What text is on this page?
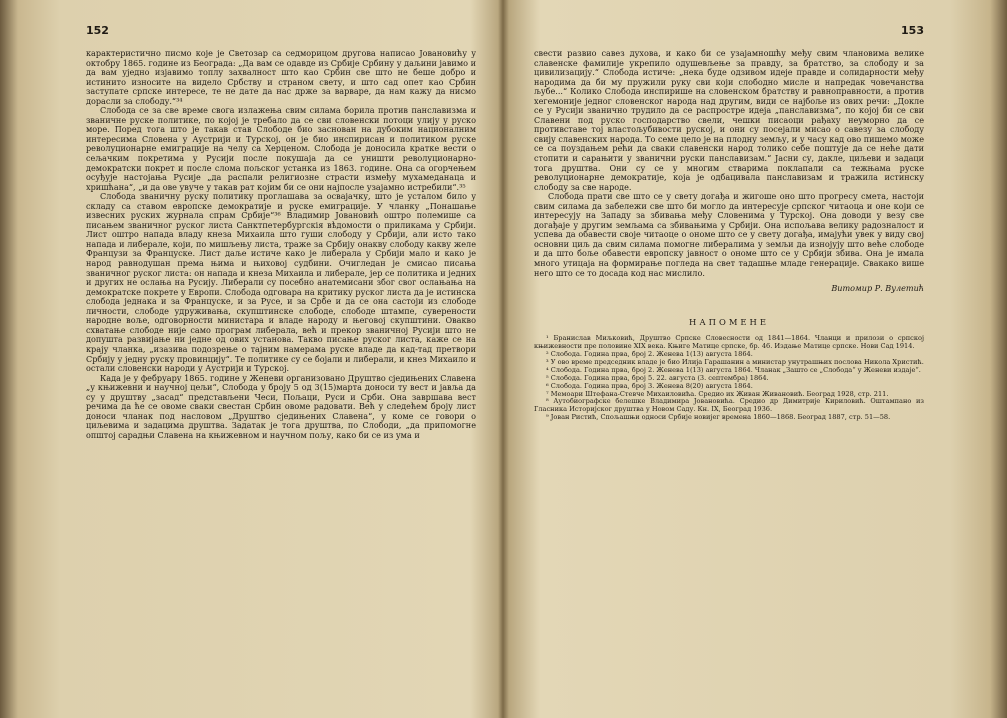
152

карактеристично писмо које је Светозар са седморицом другова написао Јовановићу у октобру 1865. године из Београда: „Да вам се одавде из Србије Србину у даљини јавимо и да вам уједно изјавимо топлу захвалност што као Србин све што не беше добро и истинито износите на видело Србству и страном свету, и што сад опет као Србин заступате српске интересе, те не дате да нас држе за варваре, да нам кажу да нисмо дорасли за слободу.“³⁴

Слобода се за све време свога излажења свим силама борила против панславизма и званичне руске политике, по којој је требало да се сви словенски потоци улију у руско море. Поред тога што је такав став Слободе био заснован на дубоким националним интересима Словена у Аустрији и Турској, он је био инспирисан и политиком руске револуционарне емиграције на челу са Херценом. Слобода је доносила кратке вести о сељачким покретима у Русији после покушаја да се уништи револуционарно-демократски покрет и после слома пољског устанка из 1863. године. Она са огорчењем осуђује настојања Русије „да распали религиозне страсти између мухамеданаца и хришћана“, „и да ове увуче у такав рат којим би се они најпосле узајамно истребили“.³⁵

Слобода званичну руску политику проглашава за освајачку, што је усталом било у складу са ставом европске демократије и руске емиграције. У чланку „Понашање извесних руских журнала спрам Србије“³⁶ Владимир Јовановић оштро полемише са писањем званичног руског листа Санктпетербургскія вѣдомости о приликама у Србији. Лист оштро напада владу кнеза Михаила што гуши слободу у Србији, али исто тако напада и либерале, који, по мишљењу листа, траже за Србију онакву слободу какву желе Французи за Француске. Лист даље истиче како је либерала у Србији мало и како је народ равнодушан према њима и њиховој судбини. Очигледан је смисао писања званичног руског листа: он напада и кнеза Михаила и либерале, јер се политика и једних и других не ослања на Русију. Либерали су посебно анатемисани због свог ослањања на демократске покрете у Европи. Слобода одговара на критику руског листа да је истинска слобода једнака и за Француске, и за Русе, и за Србе и да се она састоји из слободе личности, слободе удруживања, скупштинске слободе, слободе штампе, суверености народне воље, одговорности министара и владе народу и његовој скупштини. Овакво схватање слободе није само програм либерала, већ и прекор званичној Русији што не допушта развијање ни једне од ових установа. Такво писање руског листа, каже се на крају чланка, „изазива подозрење о тајним намерама руске владе да кад-тад претвори Србију у једну руску провинцију“. Те политике су се бојали и либерали, и кнез Михаило и остали словенски народи у Аустрији и Турској.

Када је у фебруару 1865. године у Женеви организовано Друштво сједињених Славена „у књижевни и научној цељи“, Слобода у броју 5 од 3(15)марта доноси ту вест и јавља да су у друштву „засад“ представљени Чеси, Пољаци, Руси и Срби. Она завршава вест речима да ће се овоме сваки свестан Србин овоме радовати. Већ у следећем броју лист доноси чланак под насловом „Друштво сједињених Славена“, у коме се говори о циљевима и задацима друштва. Задатак је тога друштва, по Слободи, „да припомогне општој сарадњи Славена на књижевном и научном пољу, како би се из ума и

153

свести развио савез духова, и како би се узајамношћу међу свим члановима велике славенске фамилије укрепило одушевљење за правду, за братство, за слободу и за цивилизацију.“ Слобода истиче: „нека буде одзивом идеје правде и солидарности међу народима да би му пружили руку сви који слободно мисле и напредак човечанства љубе...“ Колико Слобода инспирише на словенском братству и равноправности, а против хегемоније једног словенског народа над другим, види се најбоље из ових речи: „Докле се у Русији званично трудило да се распростре идеја „панславизма“, по којој би се сви Славени под руско господарство свели, чешки писаоци рађаху неуморно да се противставе тој властољубивости руској, и они су посејали мисао о савезу за слободу свију славенских народа. То семе цело је на плодну земљу, и у часу кад ово пишемо може се са поуздањем рећи да сваки славенски народ толико себе поштује да се неће дати стопити и сарањити у званични руски панславизам.“ Јасни су, дакле, циљеви и задаци тога друштва. Они су се у многим стварима поклапали са тежњама руске револуционарне демократије, која је одбацивала панславизам и тражила истинску слободу за све народе.

Слобода прати све што се у свету догађа и жигоше оно што прогресу смета, настоји свим силама да забележи све што би могло да интересује српског читаоца и оне који се интересују на Западу за збивања међу Словенима у Турској. Она доводи у везу све догађаје у другим земљама са збивањима у Србији. Она испољава велику радозналост и успева да обавести своје читаоце о ономе што се у свету догађа, имајући увек у виду свој основни циљ да свим силама помогне либералима у земљи да изнојују што веће слободе и да што боље обавести европску јавност о ономе што се у Србији збива. Она је имала много утицаја на формирање погледа на свет тадашње младе генерације. Свакако више него што се то досада код нас мислило.

Витомир Р. Вулетић
НАПОМЕНЕ

¹ Бранислав Миљковић, Друштво Српске Словесности од 1841—1864. Чланци и прилози о српској књижевности пре половине XIX века. Књиге Матице српске, бр. 46. Издање Матице српске. Нови Сад 1914.

² Слобода. Година прва, број 2. Женева 1(13) августа 1864.

³ У ово време председник владе је био Илија Гарашанин а министар унутрашњих послова Никола Христић.

⁴ Слобода. Година прва, број 2. Женева 1(13) августа 1864. Чланак „Зашто се „Слобода“ у Женеви издаје“.

⁵ Слобода. Година прва, број 5. 22. августа (3. септембра) 1864.

⁶ Слобода. Година прва, број 3. Женева 8(20) августа 1864.

⁷ Мемоари Штефана-Стевче Михаиловића. Средио их Живан Живановић. Београд 1928, стр. 211.

⁸ Аутобиографске белешке Владимира Јовановића. Средио др Димитрије Кириловић. Оштампано из Гласника Историјског друштва у Новом Саду. Кн. IX, Београд 1936.

⁹ Јован Ристић, Спољашњи односи Србије новијег времена 1860—1868. Београд 1887, стр. 51—58.
